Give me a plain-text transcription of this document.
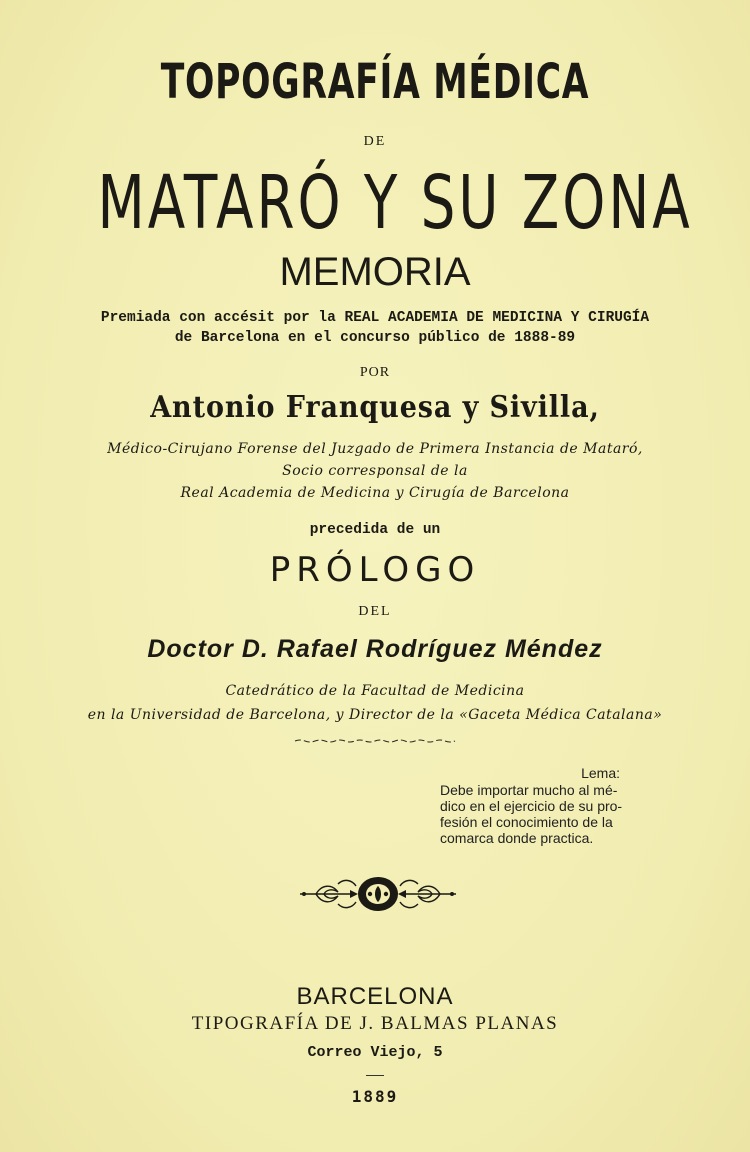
TOPOGRAFÍA MÉDICA
DE
MATARÓ Y SU ZONA
MEMORIA
Premiada con accésit por la REAL ACADEMIA DE MEDICINA Y CIRUGÍA
de Barcelona en el concurso público de 1888-89
POR
Antonio Franquesa y Sivilla,
Médico-Cirujano Forense del Juzgado de Primera Instancia de Mataró,
Socio corresponsal de la
Real Academia de Medicina y Cirugía de Barcelona
precedida de un
PRÓLOGO
DEL
Doctor D. Rafael Rodríguez Méndez
Catedrático de la Facultad de Medicina
en la Universidad de Barcelona, y Director de la «Gaceta Médica Catalana»
Lema:
Debe importar mucho al mé-
dico en el ejercicio de su pro-
fesión el conocimiento de la
comarca donde practica.
BARCELONA
TIPOGRAFÍA DE J. BALMAS PLANAS
Correo Viejo, 5
1889
